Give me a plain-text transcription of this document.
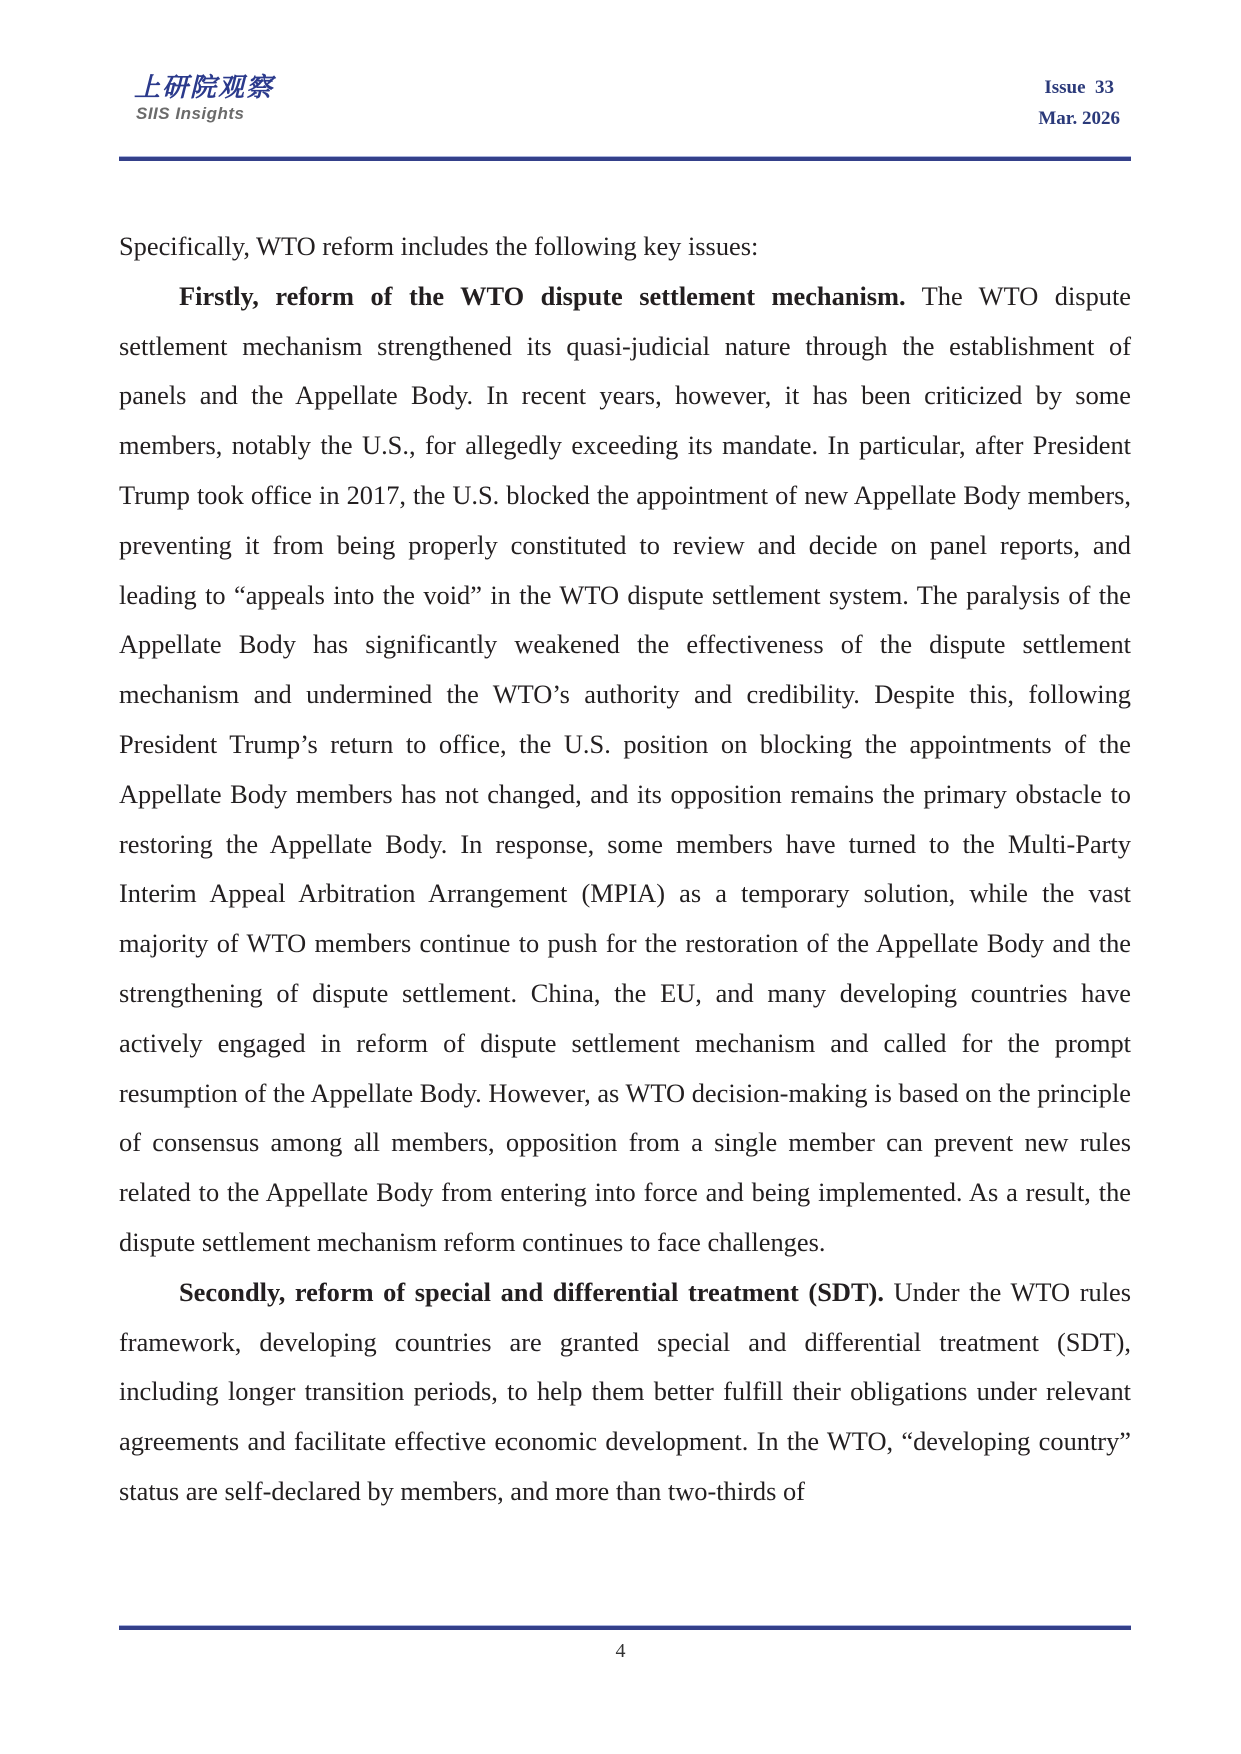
上研院观察
SIIS Insights
Issue  33
Mar. 2026

Specifically, WTO reform includes the following key issues:

Firstly, reform of the WTO dispute settlement mechanism. The WTO dispute settlement mechanism strengthened its quasi-judicial nature through the establishment of panels and the Appellate Body. In recent years, however, it has been criticized by some members, notably the U.S., for allegedly exceeding its mandate. In particular, after President Trump took office in 2017, the U.S. blocked the appointment of new Appellate Body members, preventing it from being properly constituted to review and decide on panel reports, and leading to “appeals into the void” in the WTO dispute settlement system. The paralysis of the Appellate Body has significantly weakened the effectiveness of the dispute settlement mechanism and undermined the WTO’s authority and credibility. Despite this, following President Trump’s return to office, the U.S. position on blocking the appointments of the Appellate Body members has not changed, and its opposition remains the primary obstacle to restoring the Appellate Body. In response, some members have turned to the Multi-Party Interim Appeal Arbitration Arrangement (MPIA) as a temporary solution, while the vast majority of WTO members continue to push for the restoration of the Appellate Body and the strengthening of dispute settlement. China, the EU, and many developing countries have actively engaged in reform of dispute settlement mechanism and called for the prompt resumption of the Appellate Body. However, as WTO decision-making is based on the principle of consensus among all members, opposition from a single member can prevent new rules related to the Appellate Body from entering into force and being implemented. As a result, the dispute settlement mechanism reform continues to face challenges.

Secondly, reform of special and differential treatment (SDT). Under the WTO rules framework, developing countries are granted special and differential treatment (SDT), including longer transition periods, to help them better fulfill their obligations under relevant agreements and facilitate effective economic development. In the WTO, “developing country” status are self-declared by members, and more than two-thirds of

4
